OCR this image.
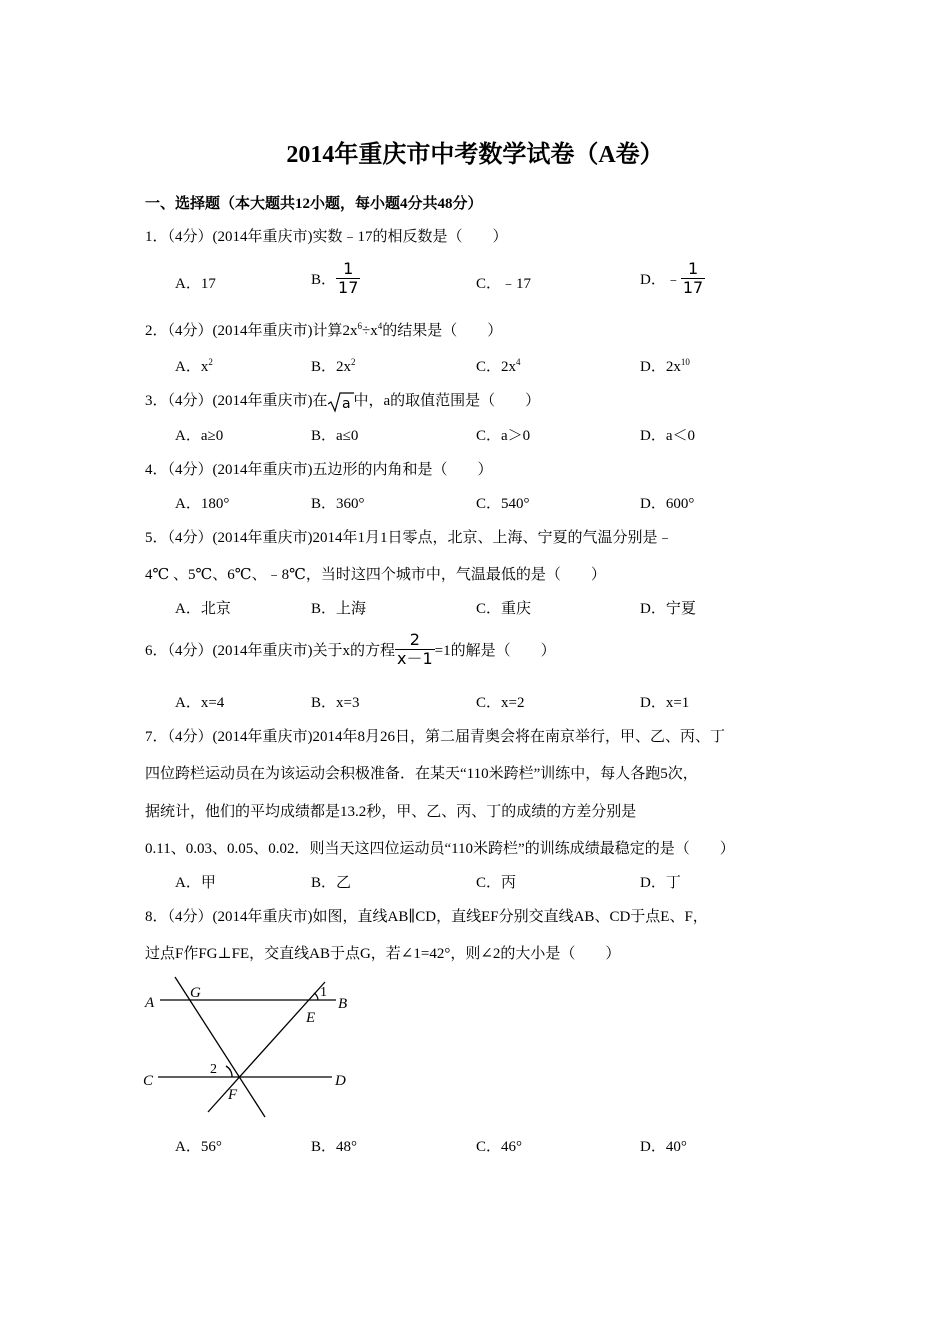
2014年重庆市中考数学试卷（A卷）
一、选择题（本大题共12小题，每小题4分共48分）
1．（4分）(2014年重庆市)实数﹣17的相反数是（　　）
A．17	B． $\frac{1}{17}$	C．﹣17	D．﹣ $\frac{1}{17}$
2．（4分）(2014年重庆市)计算$2x^6\div x^4$的结果是（　　）
A．$x^2$	B．$2x^2$	C．$2x^4$	D．$2x^{10}$
3．（4分）(2014年重庆市)在 a 中，a的取值范围是（　　）
A．a≥0	B．a≤0	C．a＞0	D．a＜0
4．（4分）(2014年重庆市)五边形的内角和是（　　）
A．180°	B．360°	C．540°	D．600°
5．（4分）(2014年重庆市)2014年1月1日零点，北京、上海、宁夏的气温分别是﹣
4℃ 、5℃、6℃、﹣8℃，当时这四个城市中，气温最低的是（　　）
A．北京	B．上海	C．重庆	D．宁夏
6．（4分）(2014年重庆市)关于x的方程 $\frac{2}{x-1} =1$的解是（　　）
A．x=4	B．x=3	C．x=2	D．x=1
7．（4分）(2014年重庆市)2014年8月26日，第二届青奥会将在南京举行，甲、乙、丙、丁
四位跨栏运动员在为该运动会积极准备．在某天“110米跨栏”训练中，每人各跑5次，
据统计，他们的平均成绩都是13.2秒，甲、乙、丙、丁的成绩的方差分别是
0.11、0.03、0.05、0.02．则当天这四位运动员“110米跨栏”的训练成绩最稳定的是（　　）
A．甲	B．乙	C．丙	D．丁
8．（4分）(2014年重庆市)如图，直线AB∥CD，直线EF分别交直线AB、CD于点E、F，
过点F作FG⊥FE，交直线AB于点G，若∠1=42°，则∠2的大小是（　　）
A	B
C	D
E
F
G	1
2
A．56°	B．48°	C．46°	D．40°
